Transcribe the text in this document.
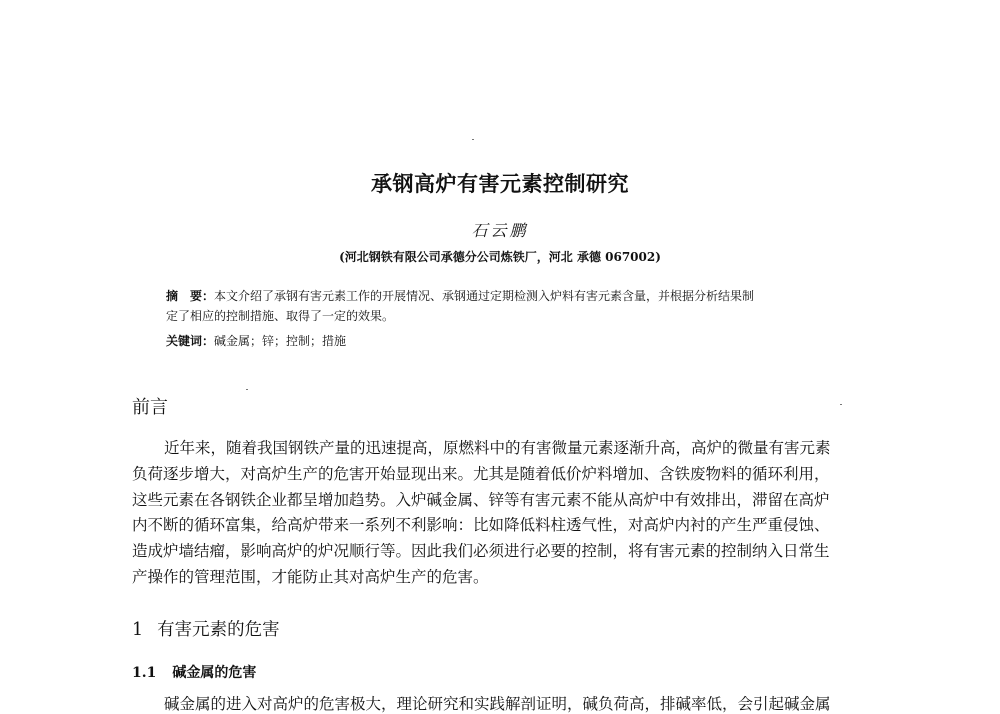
承钢高炉有害元素控制研究
石云鹏
(河北钢铁有限公司承德分公司炼铁厂，河北 承德 067002)
摘　要：本文介绍了承钢有害元素工作的开展情况、承钢通过定期检测入炉料有害元素含量，并根据分析结果制
定了相应的控制措施、取得了一定的效果。
关键词：碱金属；锌；控制；措施
前言
近年来，随着我国钢铁产量的迅速提高，原燃料中的有害微量元素逐渐升高，高炉的微量有害元素
负荷逐步增大，对高炉生产的危害开始显现出来。尤其是随着低价炉料增加、含铁废物料的循环利用，
这些元素在各钢铁企业都呈增加趋势。入炉碱金属、锌等有害元素不能从高炉中有效排出，滞留在高炉
内不断的循环富集，给高炉带来一系列不利影响：比如降低料柱透气性，对高炉内衬的产生严重侵蚀、
造成炉墙结瘤，影响高炉的炉况顺行等。因此我们必须进行必要的控制，将有害元素的控制纳入日常生
产操作的管理范围，才能防止其对高炉生产的危害。
1 有害元素的危害
1.1 碱金属的危害
碱金属的进入对高炉的危害极大，理论研究和实践解剖证明，碱负荷高，排碱率低，会引起碱金属
